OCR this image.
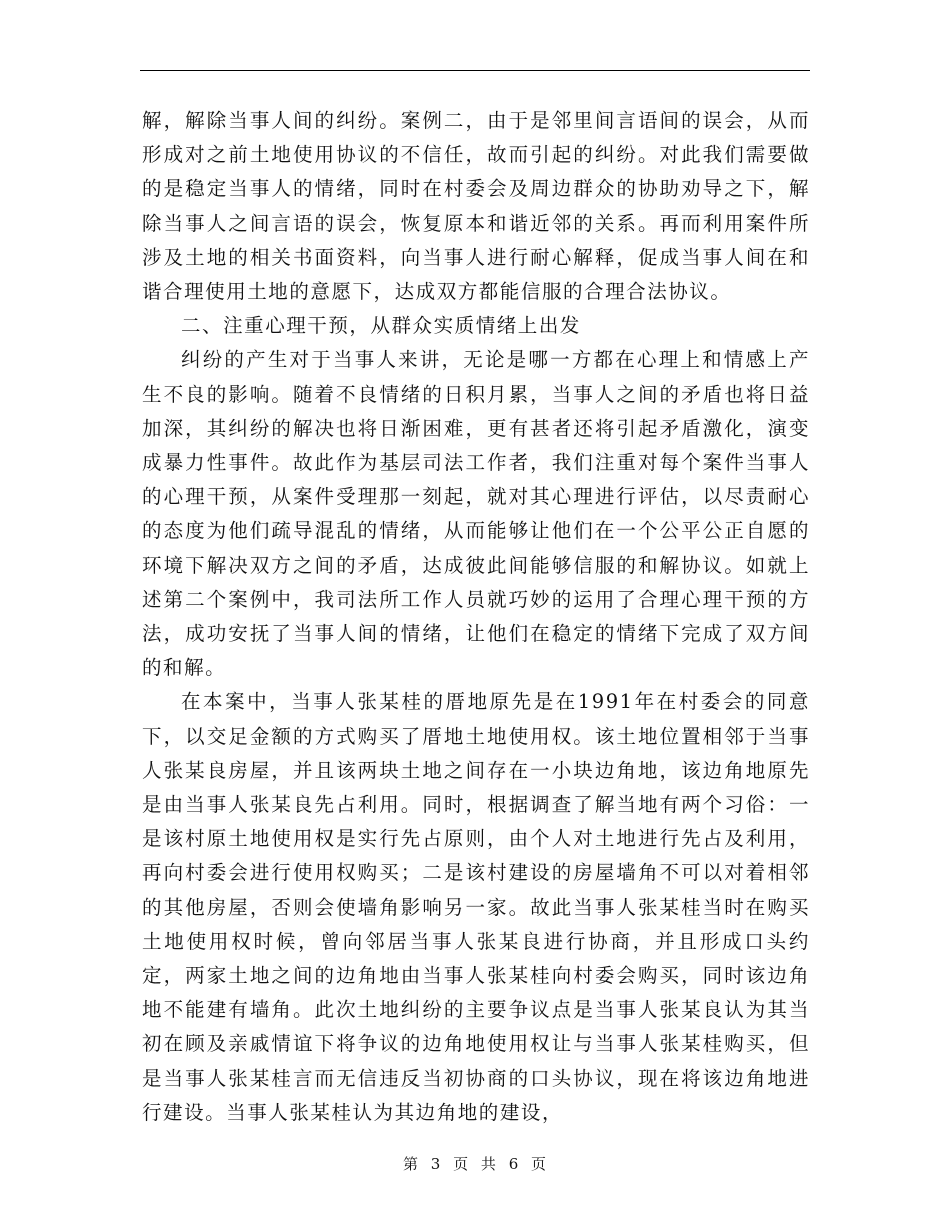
解，解除当事人间的纠纷。案例二，由于是邻里间言语间的误会，从而形成对之前土地使用协议的不信任，故而引起的纠纷。对此我们需要做的是稳定当事人的情绪，同时在村委会及周边群众的协助劝导之下，解除当事人之间言语的误会，恢复原本和谐近邻的关系。再而利用案件所涉及土地的相关书面资料，向当事人进行耐心解释，促成当事人间在和谐合理使用土地的意愿下，达成双方都能信服的合理合法协议。

二、注重心理干预，从群众实质情绪上出发

纠纷的产生对于当事人来讲，无论是哪一方都在心理上和情感上产生不良的影响。随着不良情绪的日积月累，当事人之间的矛盾也将日益加深，其纠纷的解决也将日渐困难，更有甚者还将引起矛盾激化，演变成暴力性事件。故此作为基层司法工作者，我们注重对每个案件当事人的心理干预，从案件受理那一刻起，就对其心理进行评估，以尽责耐心的态度为他们疏导混乱的情绪，从而能够让他们在一个公平公正自愿的环境下解决双方之间的矛盾，达成彼此间能够信服的和解协议。如就上述第二个案例中，我司法所工作人员就巧妙的运用了合理心理干预的方法，成功安抚了当事人间的情绪，让他们在稳定的情绪下完成了双方间的和解。

在本案中，当事人张某桂的厝地原先是在1991年在村委会的同意下，以交足金额的方式购买了厝地土地使用权。该土地位置相邻于当事人张某良房屋，并且该两块土地之间存在一小块边角地，该边角地原先是由当事人张某良先占利用。同时，根据调查了解当地有两个习俗：一是该村原土地使用权是实行先占原则，由个人对土地进行先占及利用，再向村委会进行使用权购买；二是该村建设的房屋墙角不可以对着相邻的其他房屋，否则会使墙角影响另一家。故此当事人张某桂当时在购买土地使用权时候，曾向邻居当事人张某良进行协商，并且形成口头约定，两家土地之间的边角地由当事人张某桂向村委会购买，同时该边角地不能建有墙角。此次土地纠纷的主要争议点是当事人张某良认为其当初在顾及亲戚情谊下将争议的边角地使用权让与当事人张某桂购买，但是当事人张某桂言而无信违反当初协商的口头协议，现在将该边角地进行建设。当事人张某桂认为其边角地的建设，

第 3 页 共 6 页
